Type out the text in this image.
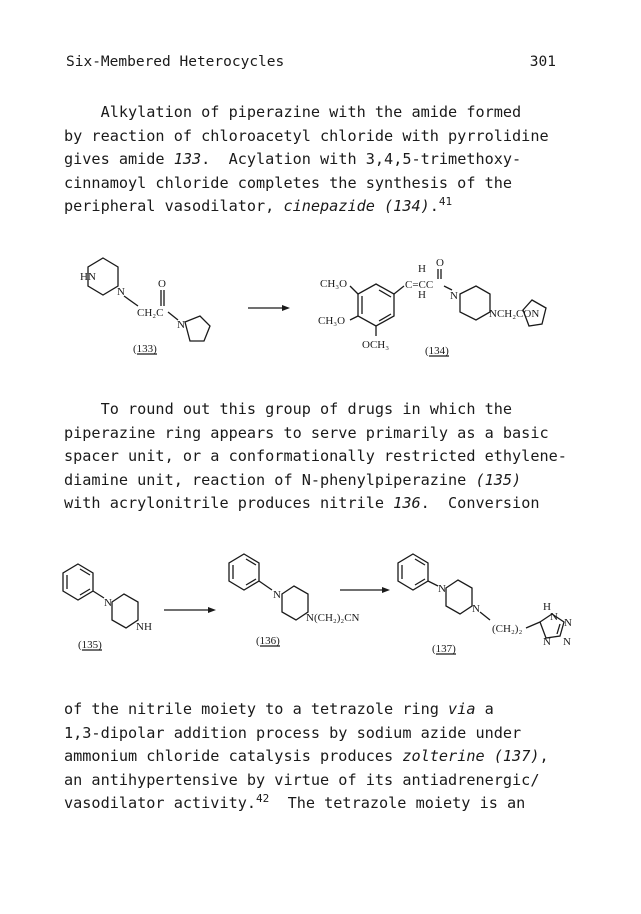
Six-Membered Heterocycles	301
Alkylation of piperazine with the amide formed
by reaction of chloroacetyl chloride with pyrrolidine
gives amide 133.  Acylation with 3,4,5-trimethoxy-
cinnamoyl chloride completes the synthesis of the
peripheral vasodilator, cinepazide (134).$^{41}$
HN
N
CH₂C
O
N
(133)
CH₃O
CH₃O
OCH₃
H O
C=CC
H N
NCH₂CON
(134)
To round out this group of drugs in which the
piperazine ring appears to serve primarily as a basic
spacer unit, or a conformationally restricted ethylene-
diamine unit, reaction of N-phenylpiperazine (135)
with acrylonitrile produces nitrile 136.  Conversion
N
NH
(135)
N
N(CH₂)₂CN
(136)
N
N
(CH₂)₂
H
N N
N
N
(137)
of the nitrile moiety to a tetrazole ring via a
1,3-dipolar addition process by sodium azide under
ammonium chloride catalysis produces zolterine (137),
an antihypertensive by virtue of its antiadrenergic/
vasodilator activity.$^{42}$  The tetrazole moiety is an
